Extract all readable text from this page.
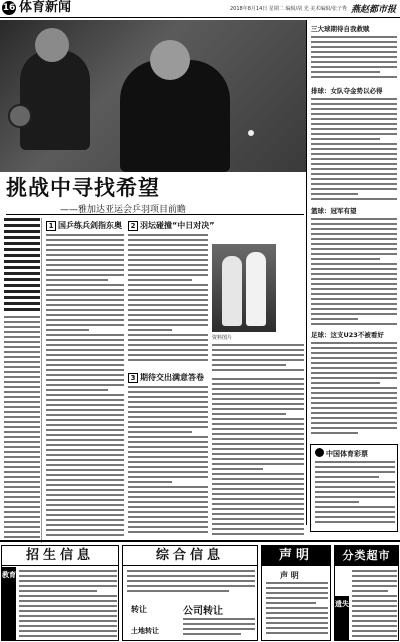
16 体育新闻	2018年8月14日 星期二 编辑/胡 光 美术编辑/张子秀 燕赵都市报
挑战中寻找希望
——雅加达亚运会乒羽项目前瞻
1 国乒练兵剑指东奥	2 羽坛碰撞“中日对决”
资料图片
3 期待交出满意答卷
三大球期待自我救赎
排球：女队夺金势以必得
篮球：冠军有望
足球：这支U23不被看好
中国体育彩票
招生信息
教育
综合信息
转让	公司转让
土地转让
声明
声 明
分类超市
遗失
